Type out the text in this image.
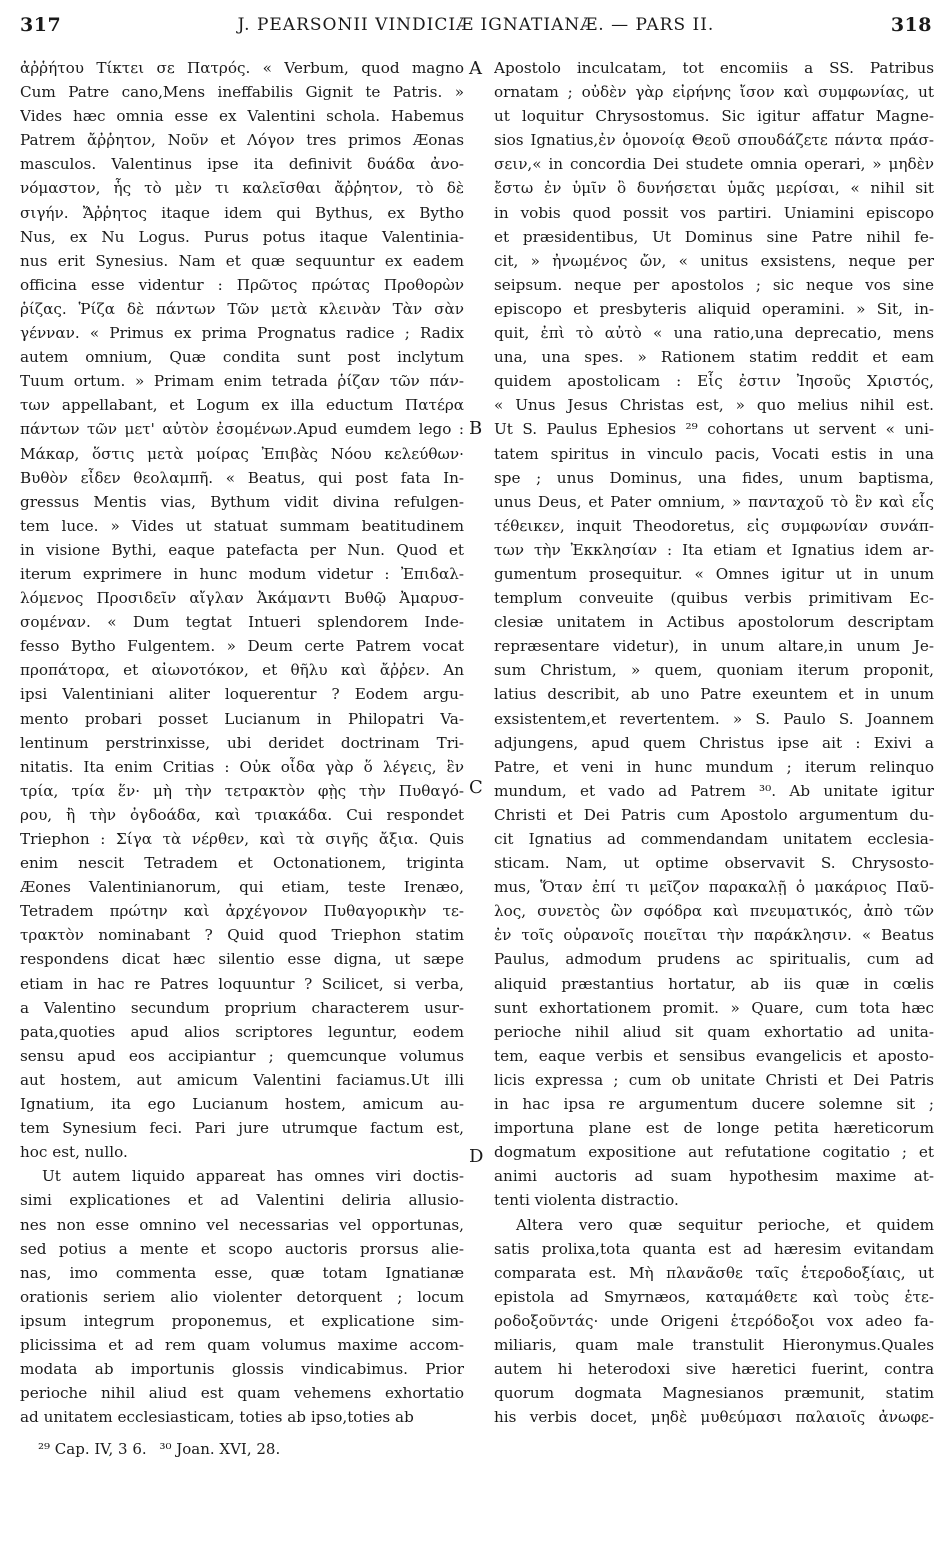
317	J. PEARSONII VINDICIÆ IGNATIANÆ. — PARS II.	318
ἀῤῥήτου Τίκτει σε Πατρός. « Verbum, quod magno
Cum Patre cano,Mens ineffabilis Gignit te Patris. »
Vides hæc omnia esse ex Valentini schola. Habemus
Patrem ἄῤῥητον, Νοῦν et Λόγον tres primos Æonas
masculos. Valentinus ipse ita definivit δυάδα ἀνο-
νόμαστον, ἧς τὸ μὲν τι καλεῖσθαι ἄῤῥητον, τὸ δὲ
σιγήν. Ἄῤῥητος itaque idem qui Bythus, ex Bytho
Nus, ex Nu Logus. Purus potus itaque Valentinia-
nus erit Synesius. Nam et quæ sequuntur ex eadem
officina esse videntur : Πρῶτος πρώτας Προθορὼν
ῥίζας. Ῥίζα δὲ πάντων Τῶν μετὰ κλεινὰν Τὰν σὰν
γένναν. « Primus ex prima Prognatus radice ; Radix
autem omnium, Quæ condita sunt post inclytum
Tuum ortum. » Primam enim tetrada ῥίζαν τῶν πάν-
των appellabant, et Logum ex illa eductum Πατέρα
πάντων τῶν μετ' αὐτὸν ἐσομένων.Apud eumdem lego :
Μάκαρ, ὅστις μετὰ μοίρας Ἐπιβὰς Νόου κελεύθων·
Βυθὸν εἶδεν θεολαμπῆ. « Beatus, qui post fata In-
gressus Mentis vias, Bythum vidit divina refulgen-
tem luce. » Vides ut statuat summam beatitudinem
in visione Bythi, eaque patefacta per Nun. Quod et
iterum exprimere in hunc modum videtur : Ἐπιδαλ-
λόμενος Προσιδεῖν αἴγλαν Ἀκάμαντι Βυθῷ Ἀμαρυσ-
σομέναν. « Dum tegtat Intueri splendorem Inde-
fesso Bytho Fulgentem. » Deum certe Patrem vocat
προπάτορα, et αἰωνοτόκον, et θῆλυ καὶ ἄῤῥεν. An
ipsi Valentiniani aliter loquerentur ? Eodem argu-
mento probari posset Lucianum in Philopatri Va-
lentinum perstrinxisse, ubi deridet doctrinam Tri-
nitatis. Ita enim Critias : Οὐκ οἶδα γὰρ ὅ λέγεις, ἓν
τρία, τρία ἕν· μὴ τὴν τετρακτὸν φῂς τὴν Πυθαγό-
ρου, ἢ τὴν ὀγδοάδα, καὶ τριακάδα. Cui respondet
Triephon : Σίγα τὰ νέρθεν, καὶ τὰ σιγῆς ἄξια. Quis
enim nescit Tetradem et Octonationem, triginta
Æones Valentinianorum, qui etiam, teste Irenæo,
Tetradem πρώτην καὶ ἀρχέγονον Πυθαγορικὴν τε-
τρακτὸν nominabant ? Quid quod Triephon statim
respondens dicat hæc silentio esse digna, ut sæpe
etiam in hac re Patres loquuntur ? Scilicet, si verba,
a Valentino secundum proprium characterem usur-
pata,quoties apud alios scriptores leguntur, eodem
sensu apud eos accipiantur ; quemcunque volumus
aut hostem, aut amicum Valentini faciamus.Ut illi
Ignatium, ita ego Lucianum hostem, amicum au-
tem Synesium feci. Pari jure utrumque factum est,
hoc est, nullo.
Ut autem liquido appareat has omnes viri doctis-
simi explicationes et ad Valentini deliria allusio-
nes non esse omnino vel necessarias vel opportunas,
sed potius a mente et scopo auctoris prorsus alie-
nas, imo commenta esse, quæ totam Ignatianæ
orationis seriem alio violenter detorquent ; locum
ipsum integrum proponemus, et explicatione sim-
plicissima et ad rem quam volumus maxime accom-
modata ab importunis glossis vindicabimus. Prior
perioche nihil aliud est quam vehemens exhortatio
ad unitatem ecclesiasticam, toties ab ipso,toties ab
Apostolo inculcatam, tot encomiis a SS. Patribus
ornatam ; οὐδὲν γὰρ εἰρήνης ἴσον καὶ συμφωνίας, ut
ut loquitur Chrysostomus. Sic igitur affatur Magne-
sios Ignatius,ἐν ὁμονοίᾳ Θεοῦ σπουδάζετε πάντα πράσ-
σειν,« in concordia Dei studete omnia operari, » μηδὲν
ἔστω ἐν ὑμῖν ὃ δυνήσεται ὑμᾶς μερίσαι, « nihil sit
in vobis quod possit vos partiri. Uniamini episcopo
et præsidentibus, Ut Dominus sine Patre nihil fe-
cit, » ἠνωμένος ὤν, « unitus exsistens, neque per
seipsum. neque per apostolos ; sic neque vos sine
episcopo et presbyteris aliquid operamini. » Sit, in-
quit, ἐπὶ τὸ αὐτὸ « una ratio,una deprecatio, mens
una, una spes. » Rationem statim reddit et eam
quidem apostolicam : Εἷς ἐστιν Ἰησοῦς Χριστός,
« Unus Jesus Christas est, » quo melius nihil est.
Ut S. Paulus Ephesios ²⁹ cohortans ut servent « uni-
tatem spiritus in vinculo pacis, Vocati estis in una
spe ; unus Dominus, una fides, unum baptisma,
unus Deus, et Pater omnium, » πανταχοῦ τὸ ἓν καὶ εἷς
τέθεικεν, inquit Theodoretus, εἰς συμφωνίαν συνάπ-
των τὴν Ἐκκλησίαν : Ita etiam et Ignatius idem ar-
gumentum prosequitur. « Omnes igitur ut in unum
templum conveuite (quibus verbis primitivam Ec-
clesiæ unitatem in Actibus apostolorum descriptam
repræsentare videtur), in unum altare,in unum Je-
sum Christum, » quem, quoniam iterum proponit,
latius describit, ab uno Patre exeuntem et in unum
exsistentem,et revertentem. » S. Paulo S. Joannem
adjungens, apud quem Christus ipse ait : Exivi a
Patre, et veni in hunc mundum ; iterum relinquo
mundum, et vado ad Patrem ³⁰. Ab unitate igitur
Christi et Dei Patris cum Apostolo argumentum du-
cit Ignatius ad commendandam unitatem ecclesia-
sticam. Nam, ut optime observavit S. Chrysosto-
mus, Ὅταν ἐπί τι μεῖζον παρακαλῇ ὁ μακάριος Παῦ-
λος, συνετὸς ὢν σφόδρα καὶ πνευματικός, ἀπὸ τῶν
ἐν τοῖς οὐρανοῖς ποιεῖται τὴν παράκλησιν. « Beatus
Paulus, admodum prudens ac spiritualis, cum ad
aliquid præstantius hortatur, ab iis quæ in cœlis
sunt exhortationem promit. » Quare, cum tota hæc
perioche nihil aliud sit quam exhortatio ad unita-
tem, eaque verbis et sensibus evangelicis et aposto-
licis expressa ; cum ob unitate Christi et Dei Patris
in hac ipsa re argumentum ducere solemne sit ;
importuna plane est de longe petita hæreticorum
dogmatum expositione aut refutatione cogitatio ; et
animi auctoris ad suam hypothesim maxime at-
tenti violenta distractio.
Altera vero quæ sequitur perioche, et quidem
satis prolixa,tota quanta est ad hæresim evitandam
comparata est. Μὴ πλανᾶσθε ταῖς ἑτεροδοξίαις, ut
epistola ad Smyrnæos, καταμάθετε καὶ τοὺς ἑτε-
ροδοξοῦντάς· unde Origeni ἑτερόδοξοι vox adeo fa-
miliaris, quam male transtulit Hieronymus.Quales
autem hi heterodoxi sive hæretici fuerint, contra
quorum dogmata Magnesianos præmunit, statim
his verbis docet, μηδὲ μυθεύμασι παλαιοῖς ἀνωφε-
A
B
C
D
²⁹ Cap. IV, 3 6. ³⁰ Joan. XVI, 28.
